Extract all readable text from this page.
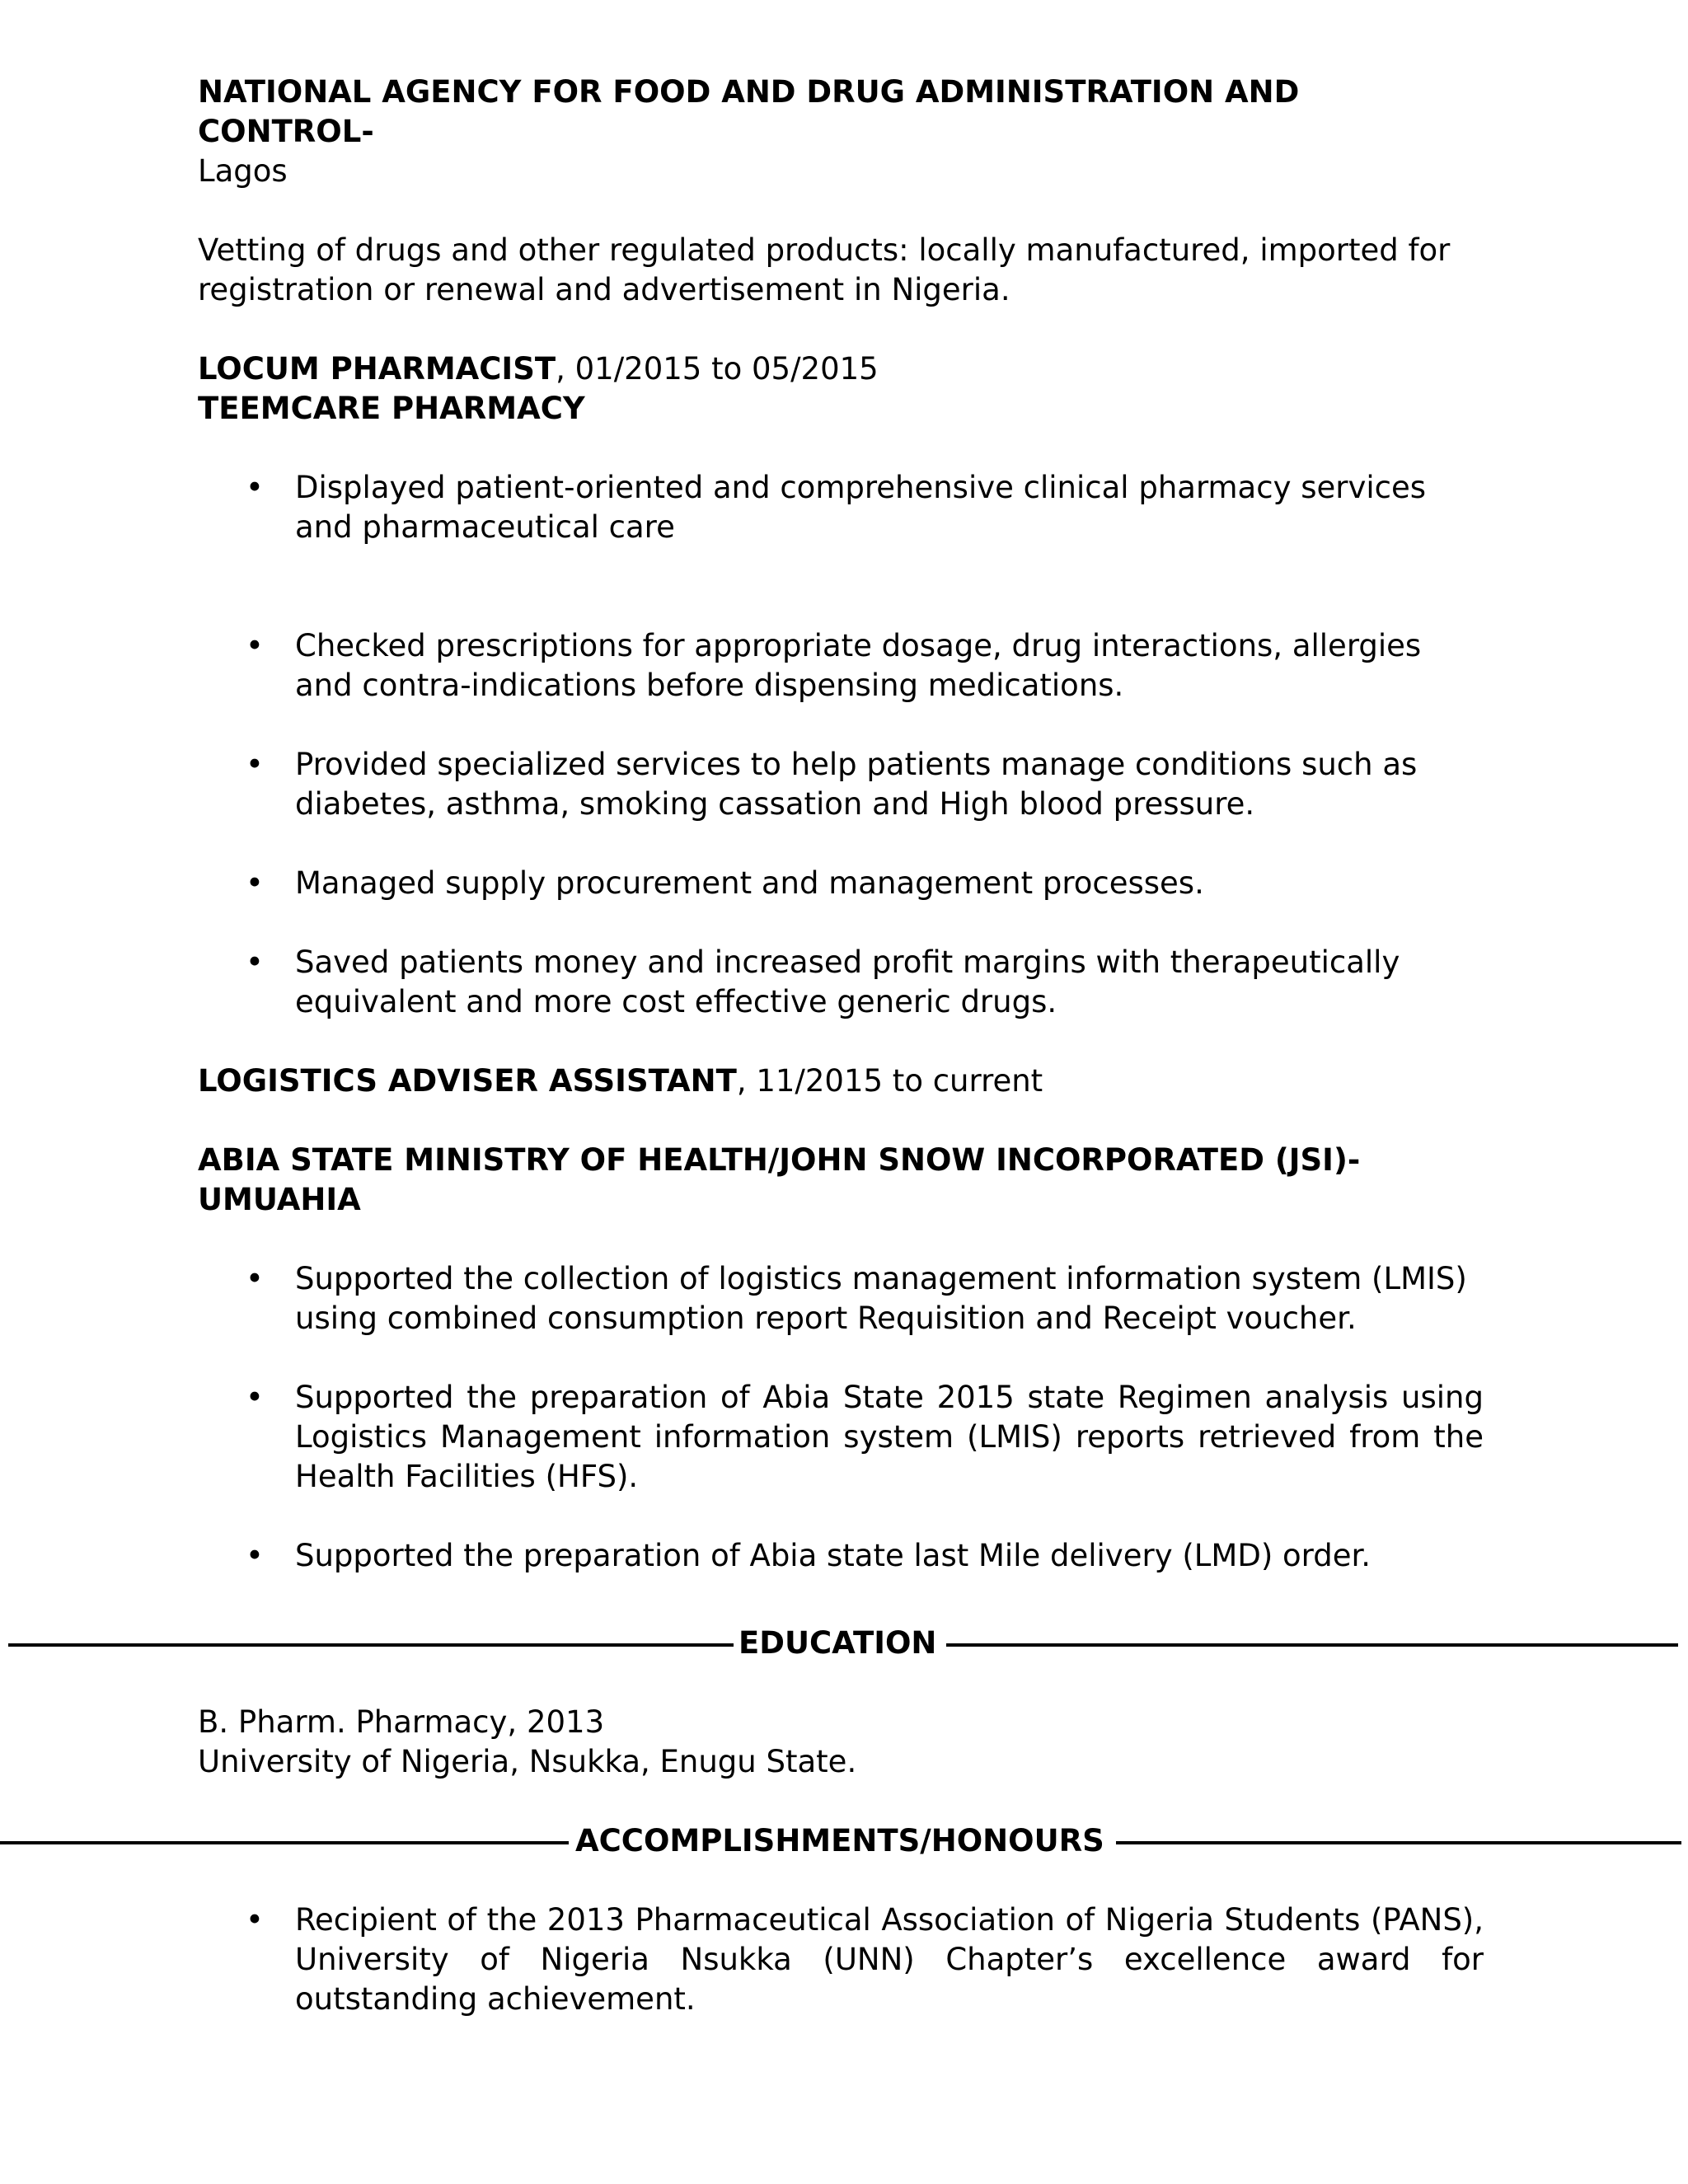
NATIONAL AGENCY FOR FOOD AND DRUG ADMINISTRATION AND CONTROL-
Lagos

Vetting of drugs and other regulated products: locally manufactured, imported for registration or renewal and advertisement in Nigeria.

LOCUM PHARMACIST, 01/2015 to 05/2015
TEEMCARE PHARMACY
• Displayed patient-oriented and comprehensive clinical pharmacy services and pharmaceutical care
• Checked prescriptions for appropriate dosage, drug interactions, allergies and contra-indications before dispensing medications.
• Provided specialized services to help patients manage conditions such as diabetes, asthma, smoking cassation and High blood pressure.
• Managed supply procurement and management processes.
• Saved patients money and increased profit margins with therapeutically equivalent and more cost effective generic drugs.
LOGISTICS ADVISER ASSISTANT, 11/2015 to current
ABIA STATE MINISTRY OF HEALTH/JOHN SNOW INCORPORATED (JSI)-UMUAHIA
• Supported the collection of logistics management information system (LMIS) using combined consumption report Requisition and Receipt voucher.
• Supported the preparation of Abia State 2015 state Regimen analysis using Logistics Management information system (LMIS) reports retrieved from the Health Facilities (HFS).
• Supported the preparation of Abia state last Mile delivery (LMD) order.
EDUCATION
B. Pharm. Pharmacy, 2013
University of Nigeria, Nsukka, Enugu State.
ACCOMPLISHMENTS/HONOURS
• Recipient of the 2013 Pharmaceutical Association of Nigeria Students (PANS), University of Nigeria Nsukka (UNN) Chapter’s excellence award for outstanding achievement.
